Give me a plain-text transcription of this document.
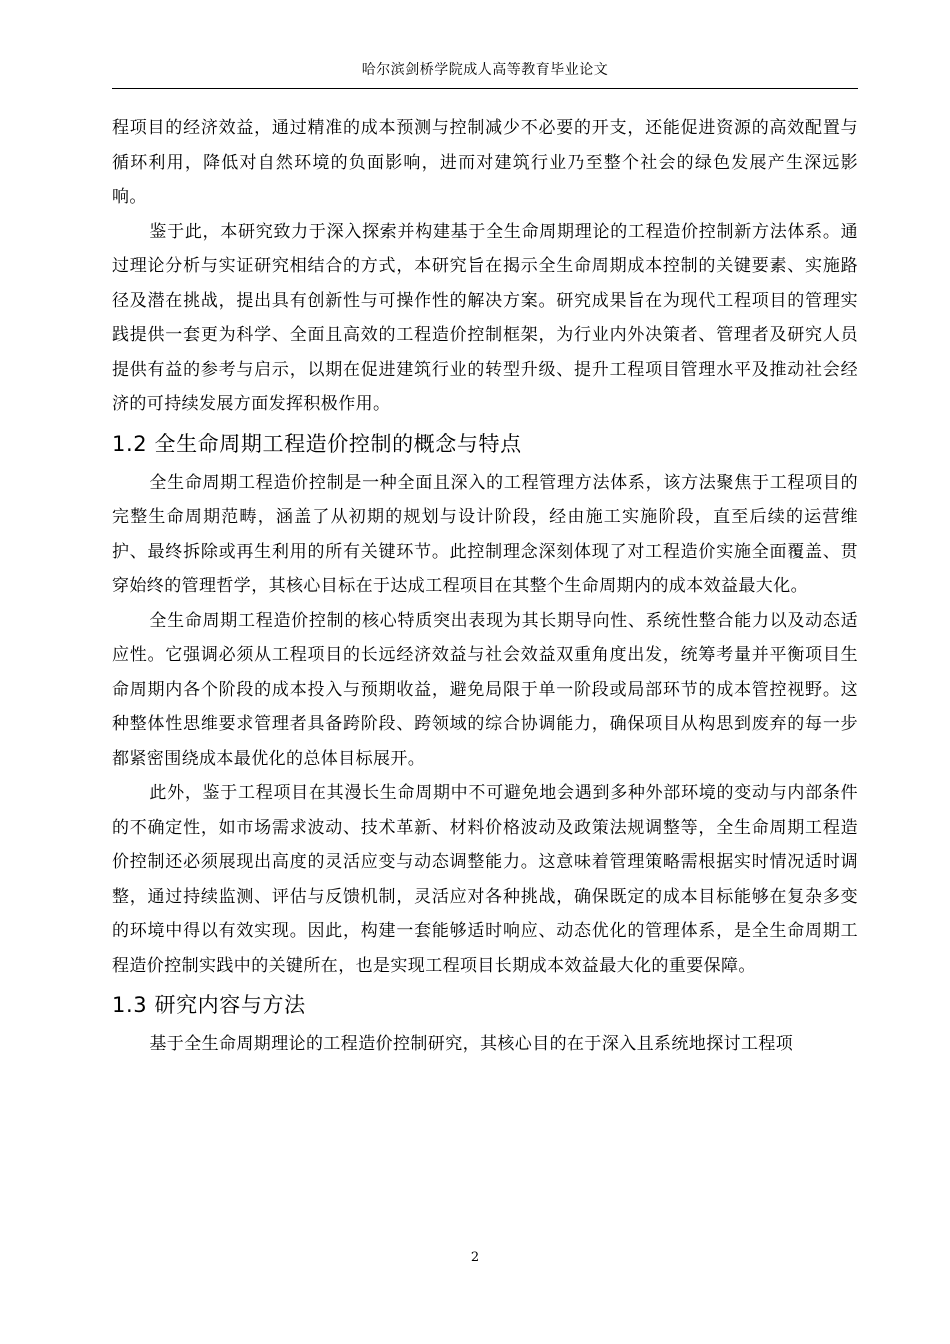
哈尔滨剑桥学院成人高等教育毕业论文

程项目的经济效益，通过精准的成本预测与控制减少不必要的开支，还能促进资源的高效配置与循环利用，降低对自然环境的负面影响，进而对建筑行业乃至整个社会的绿色发展产生深远影响。

鉴于此，本研究致力于深入探索并构建基于全生命周期理论的工程造价控制新方法体系。通过理论分析与实证研究相结合的方式，本研究旨在揭示全生命周期成本控制的关键要素、实施路径及潜在挑战，提出具有创新性与可操作性的解决方案。研究成果旨在为现代工程项目的管理实践提供一套更为科学、全面且高效的工程造价控制框架，为行业内外决策者、管理者及研究人员提供有益的参考与启示，以期在促进建筑行业的转型升级、提升工程项目管理水平及推动社会经济的可持续发展方面发挥积极作用。

1.2 全生命周期工程造价控制的概念与特点

全生命周期工程造价控制是一种全面且深入的工程管理方法体系，该方法聚焦于工程项目的完整生命周期范畴，涵盖了从初期的规划与设计阶段，经由施工实施阶段，直至后续的运营维护、最终拆除或再生利用的所有关键环节。此控制理念深刻体现了对工程造价实施全面覆盖、贯穿始终的管理哲学，其核心目标在于达成工程项目在其整个生命周期内的成本效益最大化。

全生命周期工程造价控制的核心特质突出表现为其长期导向性、系统性整合能力以及动态适应性。它强调必须从工程项目的长远经济效益与社会效益双重角度出发，统筹考量并平衡项目生命周期内各个阶段的成本投入与预期收益，避免局限于单一阶段或局部环节的成本管控视野。这种整体性思维要求管理者具备跨阶段、跨领域的综合协调能力，确保项目从构思到废弃的每一步都紧密围绕成本最优化的总体目标展开。

此外，鉴于工程项目在其漫长生命周期中不可避免地会遇到多种外部环境的变动与内部条件的不确定性，如市场需求波动、技术革新、材料价格波动及政策法规调整等，全生命周期工程造价控制还必须展现出高度的灵活应变与动态调整能力。这意味着管理策略需根据实时情况适时调整，通过持续监测、评估与反馈机制，灵活应对各种挑战，确保既定的成本目标能够在复杂多变的环境中得以有效实现。因此，构建一套能够适时响应、动态优化的管理体系，是全生命周期工程造价控制实践中的关键所在，也是实现工程项目长期成本效益最大化的重要保障。

1.3 研究内容与方法

基于全生命周期理论的工程造价控制研究，其核心目的在于深入且系统地探讨工程项

2
